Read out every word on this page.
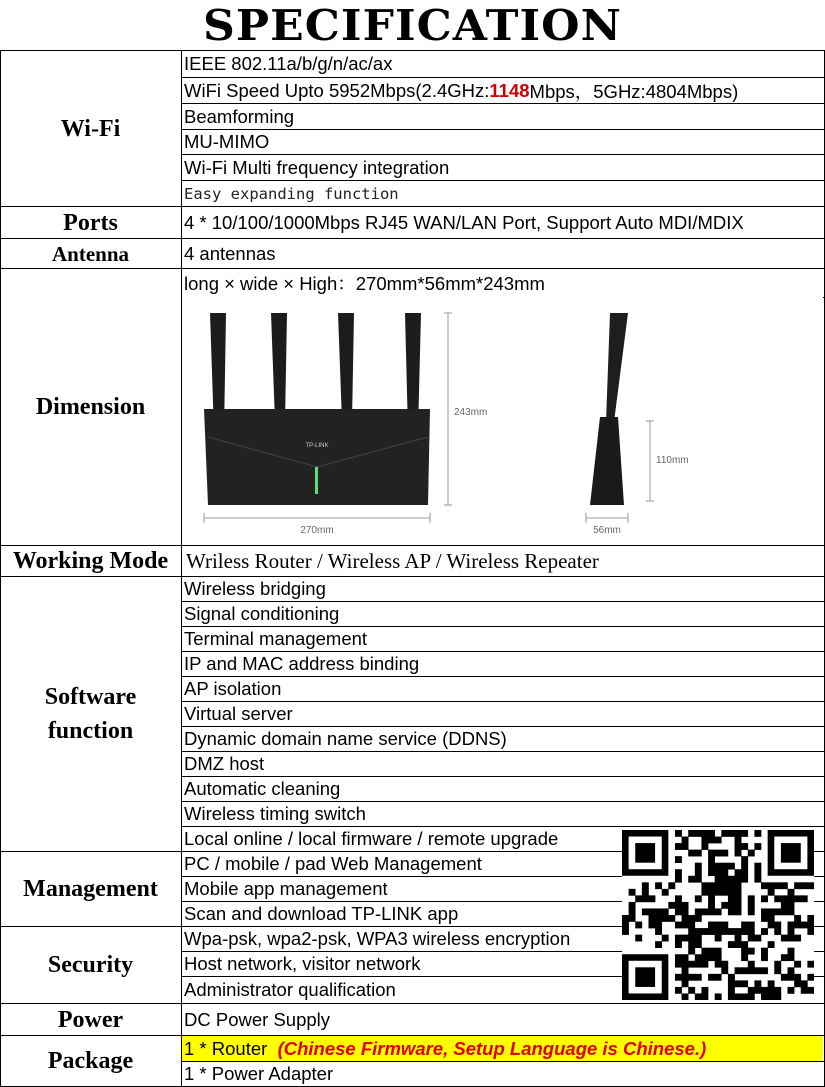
SPECIFICATION
Wi-Fi
Ports
Antenna
Dimension
Working Mode
Software
function
Management
Security
Power
Package
IEEE 802.11a/b/g/n/ac/ax
WiFi Speed Upto 5952Mbps(2.4GHz: 1148 Mbps，5GHz:4804Mbps)
Beamforming
MU-MIMO
Wi-Fi Multi frequency integration
Easy expanding function
4 * 10/100/1000Mbps RJ45 WAN/LAN Port, Support Auto MDI/MDIX
4 antennas
long × wide × High：270mm*56mm*243mm
TP-LINK
243mm
270mm
110mm
56mm
Wriless Router / Wireless AP / Wireless Repeater
Wireless bridging
Signal conditioning
Terminal management
IP and MAC address binding
AP isolation
Virtual server
Dynamic domain name service (DDNS)
DMZ host
Automatic cleaning
Wireless timing switch
Local online / local firmware / remote upgrade
PC / mobile / pad Web Management
Mobile app management
Scan and download TP-LINK app
Wpa-psk, wpa2-psk, WPA3 wireless encryption
Host network, visitor network
Administrator qualification
DC Power Supply
1 * Router
(Chinese Firmware, Setup Language is Chinese.)
1 * Power Adapter
